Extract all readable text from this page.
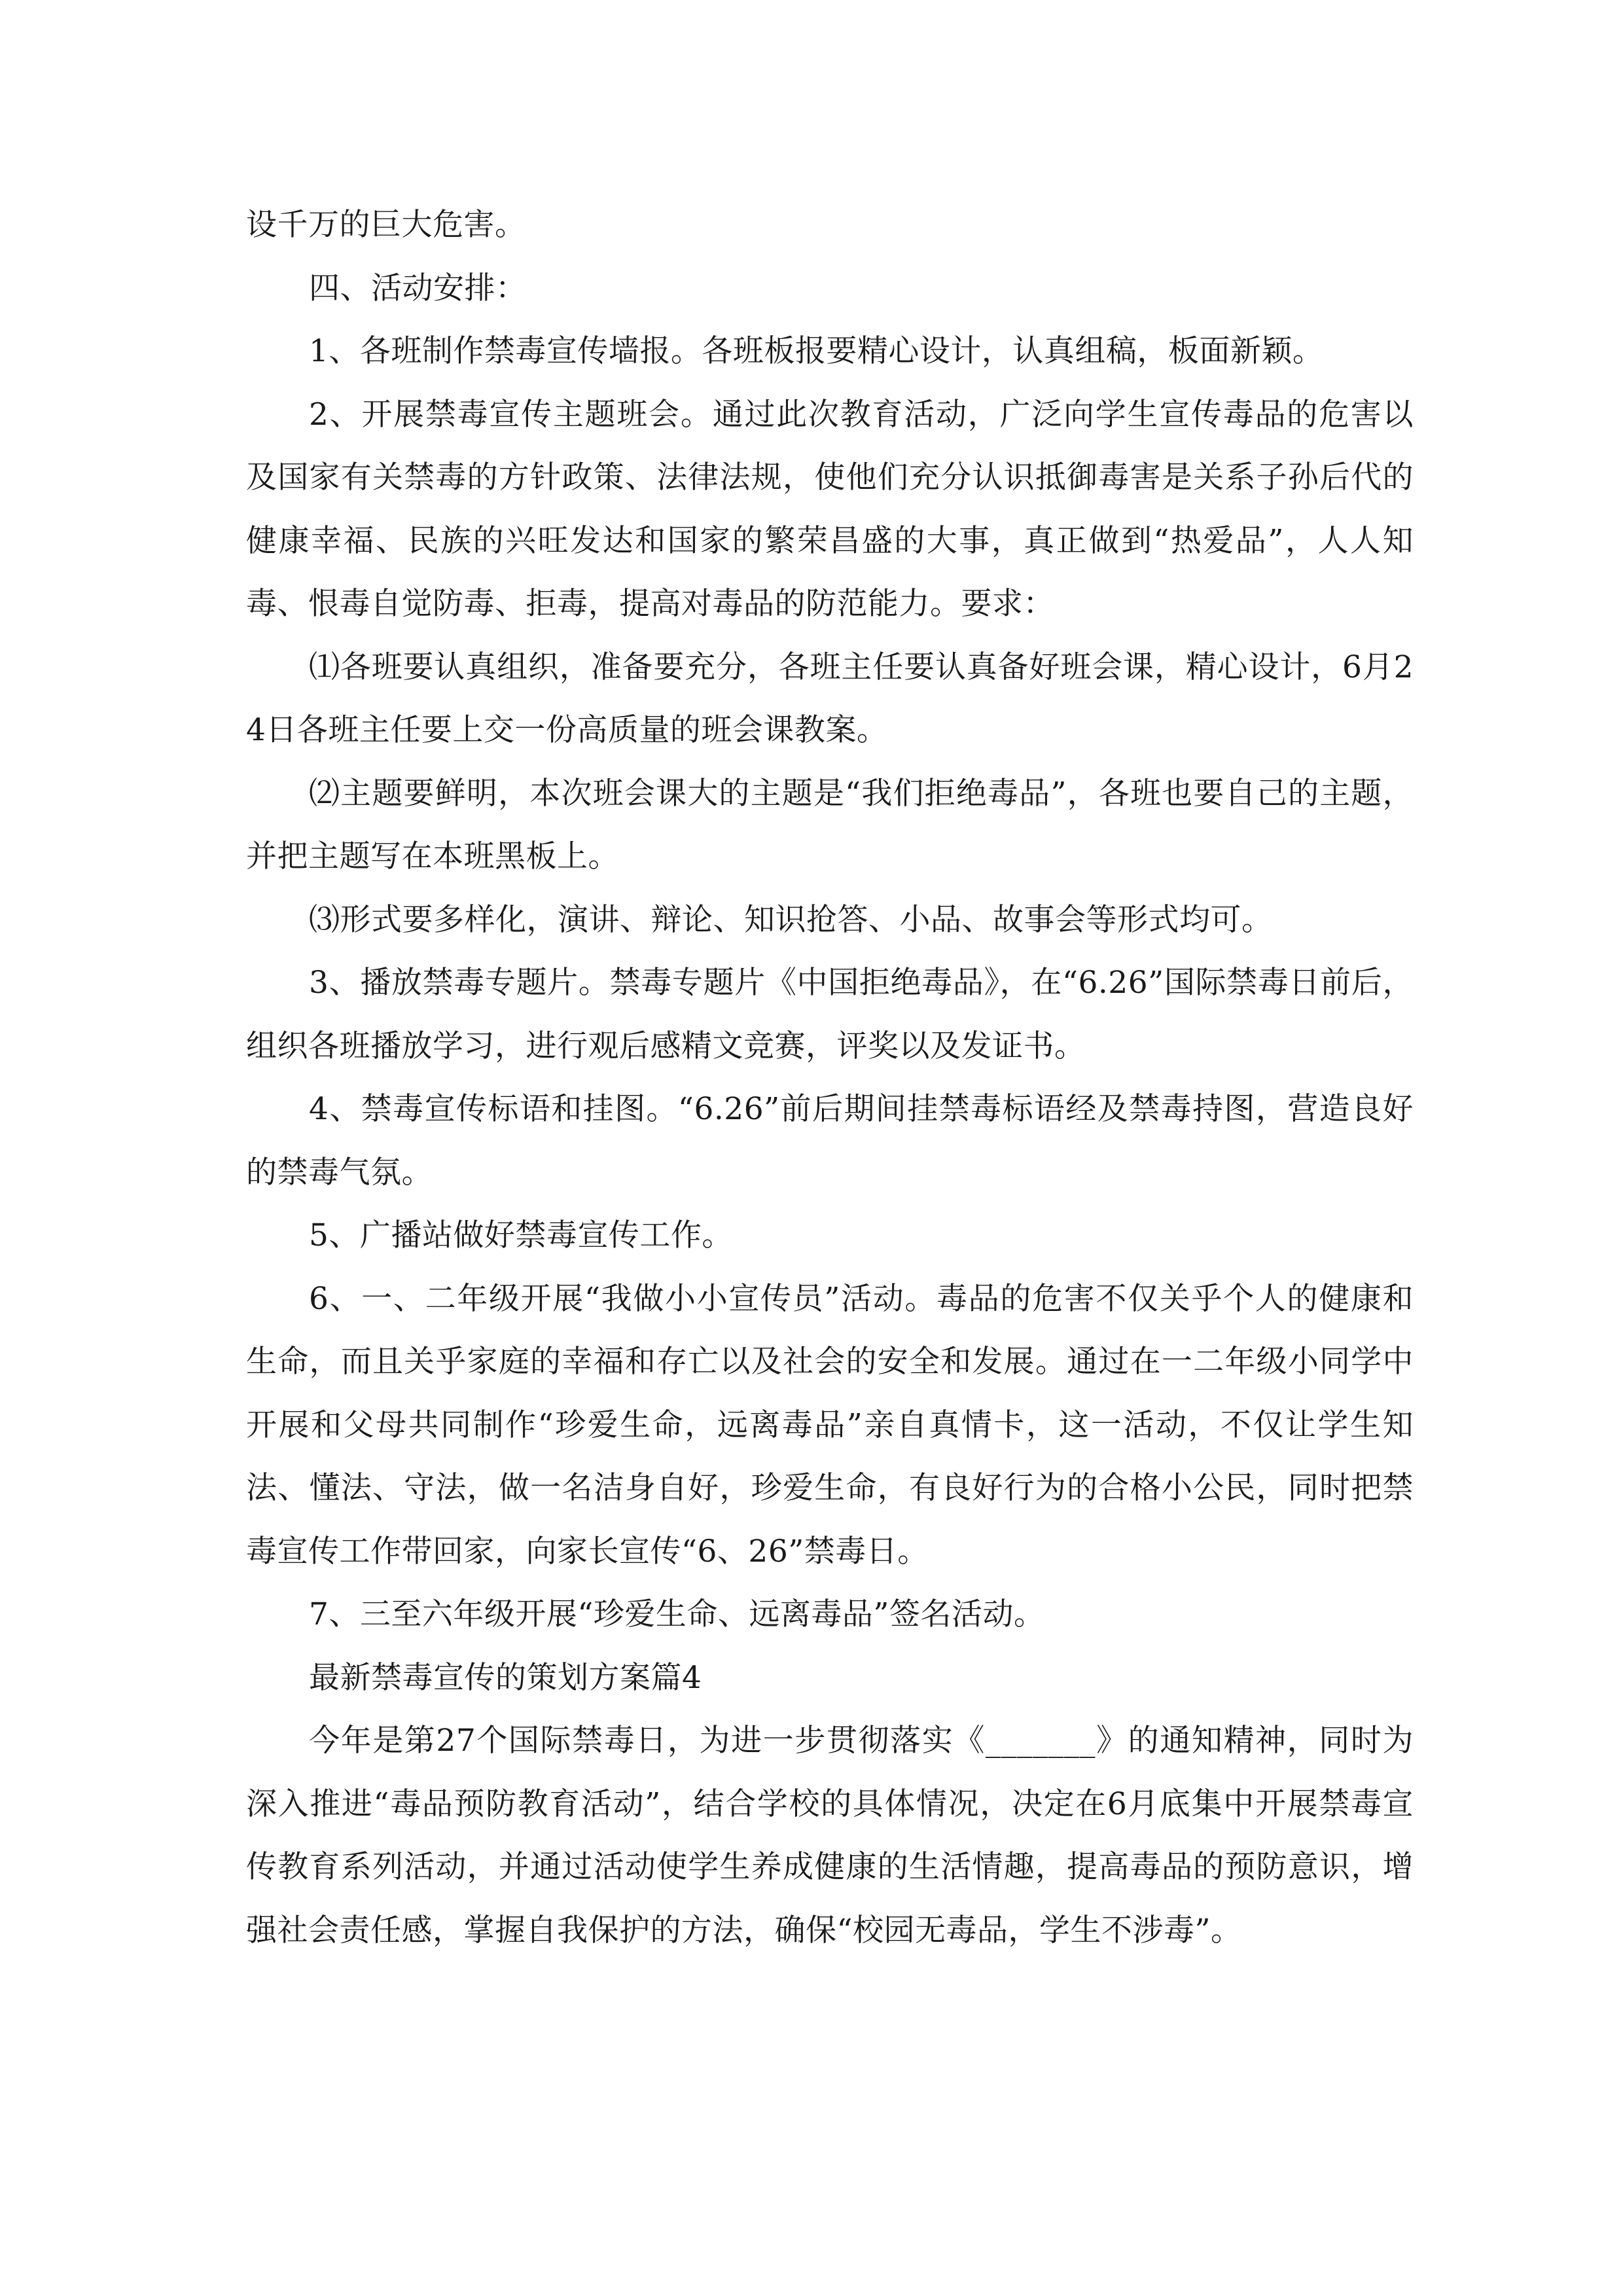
设千万的巨大危害。

四、活动安排：

1、各班制作禁毒宣传墙报。各班板报要精心设计，认真组稿，板面新颖。

2、开展禁毒宣传主题班会。通过此次教育活动，广泛向学生宣传毒品的危害以及国家有关禁毒的方针政策、法律法规，使他们充分认识抵御毒害是关系子孙后代的健康幸福、民族的兴旺发达和国家的繁荣昌盛的大事，真正做到“热爱品”，人人知毒、恨毒自觉防毒、拒毒，提高对毒品的防范能力。要求：

⑴各班要认真组织，准备要充分，各班主任要认真备好班会课，精心设计，6月24日各班主任要上交一份高质量的班会课教案。

⑵主题要鲜明，本次班会课大的主题是“我们拒绝毒品”，各班也要自己的主题，并把主题写在本班黑板上。

⑶形式要多样化，演讲、辩论、知识抢答、小品、故事会等形式均可。

3、播放禁毒专题片。禁毒专题片《中国拒绝毒品》，在“6.26”国际禁毒日前后，组织各班播放学习，进行观后感精文竞赛，评奖以及发证书。

4、禁毒宣传标语和挂图。“6.26”前后期间挂禁毒标语经及禁毒持图，营造良好的禁毒气氛。

5、广播站做好禁毒宣传工作。

6、一、二年级开展“我做小小宣传员”活动。毒品的危害不仅关乎个人的健康和生命，而且关乎家庭的幸福和存亡以及社会的安全和发展。通过在一二年级小同学中开展和父母共同制作“珍爱生命，远离毒品”亲自真情卡，这一活动，不仅让学生知法、懂法、守法，做一名洁身自好，珍爱生命，有良好行为的合格小公民，同时把禁毒宣传工作带回家，向家长宣传“6、26”禁毒日。

7、三至六年级开展“珍爱生命、远离毒品”签名活动。

最新禁毒宣传的策划方案篇4

今年是第27个国际禁毒日，为进一步贯彻落实《_______》的通知精神，同时为深入推进“毒品预防教育活动”，结合学校的具体情况，决定在6月底集中开展禁毒宣传教育系列活动，并通过活动使学生养成健康的生活情趣，提高毒品的预防意识，增强社会责任感，掌握自我保护的方法，确保“校园无毒品，学生不涉毒”。
